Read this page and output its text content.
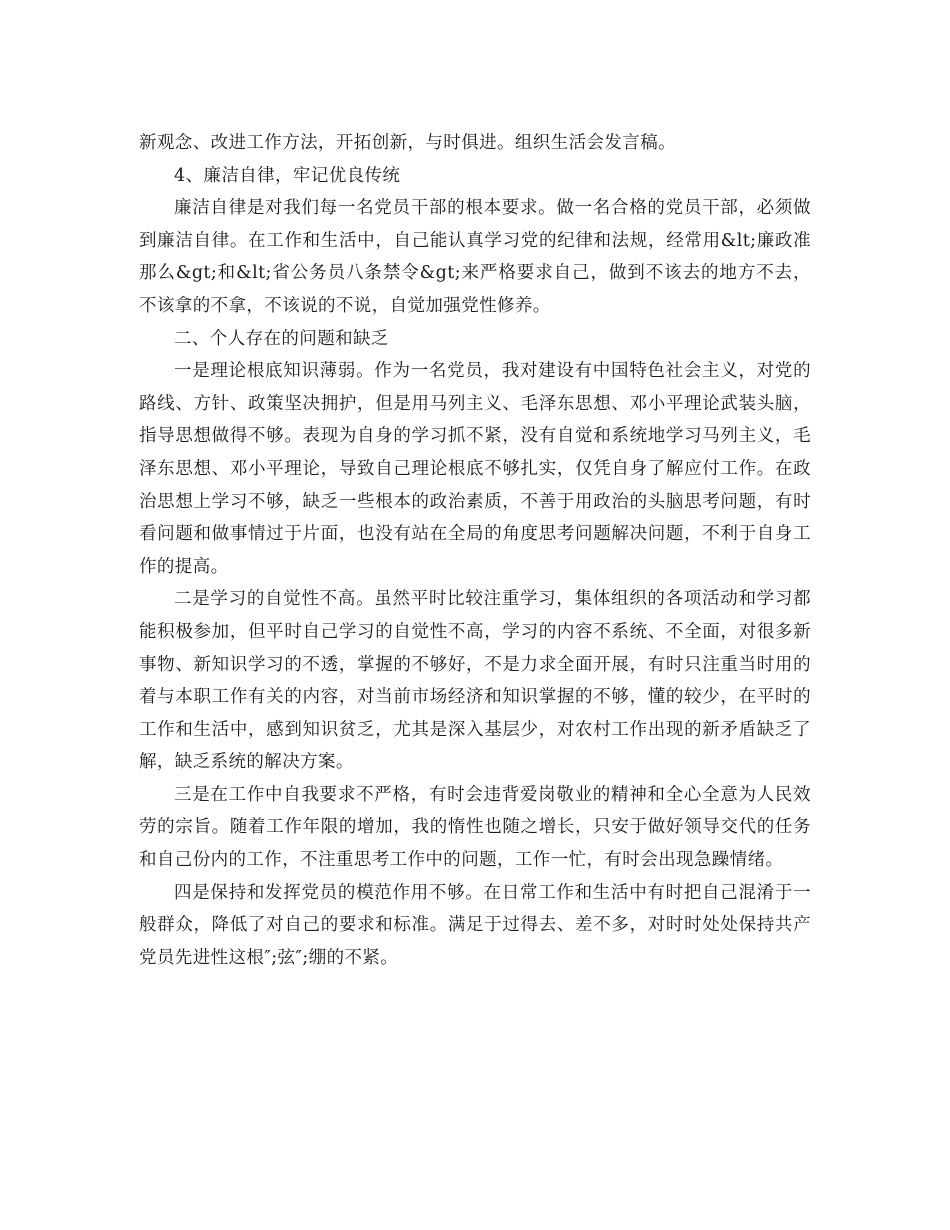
新观念、改进工作方法，开拓创新，与时俱进。组织生活会发言稿。

4、廉洁自律，牢记优良传统

廉洁自律是对我们每一名党员干部的根本要求。做一名合格的党员干部，必须做到廉洁自律。在工作和生活中，自己能认真学习党的纪律和法规，经常用&lt;廉政准那么&gt;和&lt;省公务员八条禁令&gt;来严格要求自己，做到不该去的地方不去，不该拿的不拿，不该说的不说，自觉加强党性修养。

二、个人存在的问题和缺乏

一是理论根底知识薄弱。作为一名党员，我对建设有中国特色社会主义，对党的路线、方针、政策坚决拥护，但是用马列主义、毛泽东思想、邓小平理论武装头脑，指导思想做得不够。表现为自身的学习抓不紧，没有自觉和系统地学习马列主义，毛泽东思想、邓小平理论，导致自己理论根底不够扎实，仅凭自身了解应付工作。在政治思想上学习不够，缺乏一些根本的政治素质，不善于用政治的头脑思考问题，有时看问题和做事情过于片面，也没有站在全局的角度思考问题解决问题，不利于自身工作的提高。

二是学习的自觉性不高。虽然平时比较注重学习，集体组织的各项活动和学习都能积极参加，但平时自己学习的自觉性不高，学习的内容不系统、不全面，对很多新事物、新知识学习的不透，掌握的不够好，不是力求全面开展，有时只注重当时用的着与本职工作有关的内容，对当前市场经济和知识掌握的不够，懂的较少，在平时的工作和生活中，感到知识贫乏，尤其是深入基层少，对农村工作出现的新矛盾缺乏了解，缺乏系统的解决方案。

三是在工作中自我要求不严格，有时会违背爱岗敬业的精神和全心全意为人民效劳的宗旨。随着工作年限的增加，我的惰性也随之增长，只安于做好领导交代的任务和自己份内的工作，不注重思考工作中的问题，工作一忙，有时会出现急躁情绪。

四是保持和发挥党员的模范作用不够。在日常工作和生活中有时把自己混淆于一般群众，降低了对自己的要求和标准。满足于过得去、差不多，对时时处处保持共产党员先进性这根″;弦″;绷的不紧。
